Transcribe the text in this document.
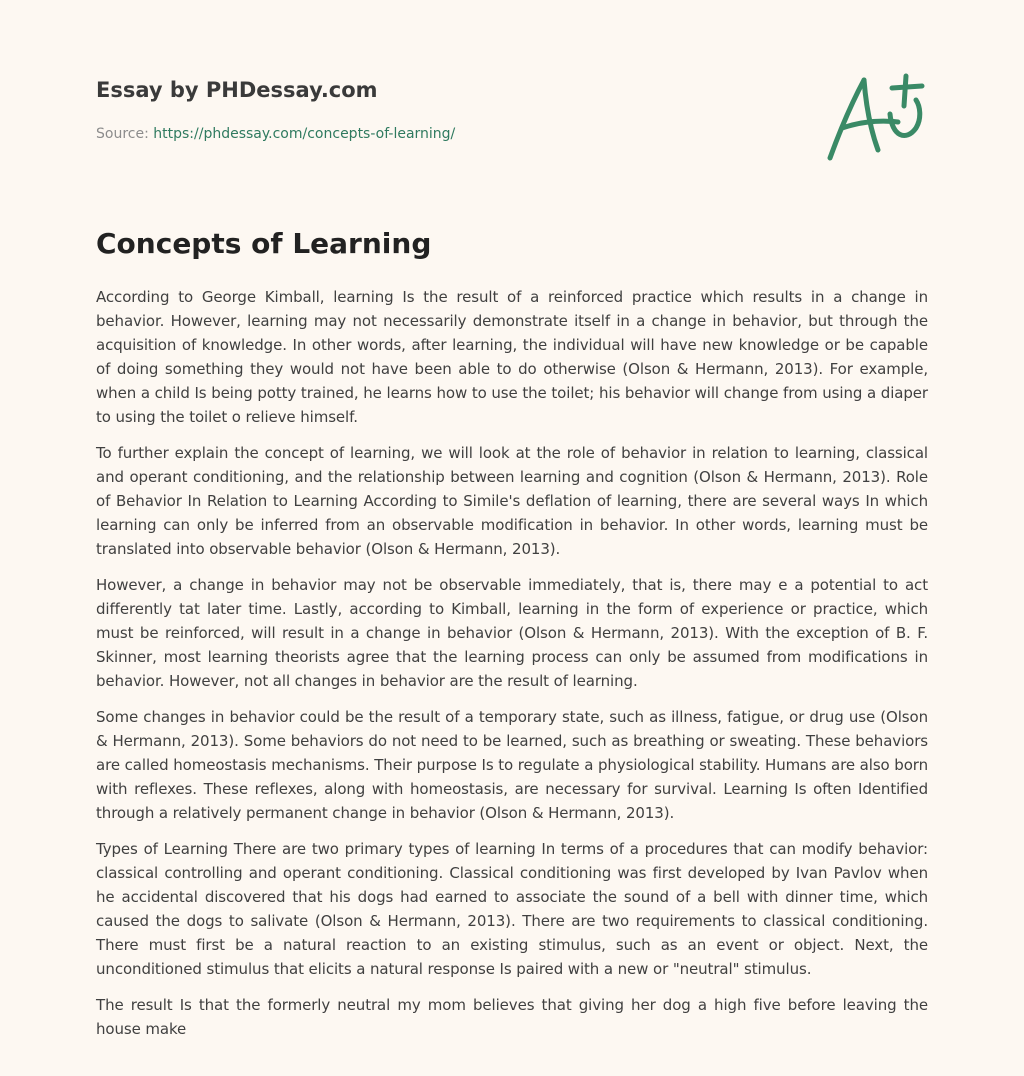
Essay by PHDessay.com
Source: https://phdessay.com/concepts-of-learning/
Concepts of Learning

According to George Kimball, learning Is the result of a reinforced practice which results in a change in behavior. However, learning may not necessarily demonstrate itself in a change in behavior, but through the acquisition of knowledge. In other words, after learning, the individual will have new knowledge or be capable of doing something they would not have been able to do otherwise (Olson & Hermann, 2013). For example, when a child Is being potty trained, he learns how to use the toilet; his behavior will change from using a diaper to using the toilet o relieve himself.

To further explain the concept of learning, we will look at the role of behavior in relation to learning, classical and operant conditioning, and the relationship between learning and cognition (Olson & Hermann, 2013). Role of Behavior In Relation to Learning According to Simile's deflation of learning, there are several ways In which learning can only be inferred from an observable modification in behavior. In other words, learning must be translated into observable behavior (Olson & Hermann, 2013).

However, a change in behavior may not be observable immediately, that is, there may e a potential to act differently tat later time. Lastly, according to Kimball, learning in the form of experience or practice, which must be reinforced, will result in a change in behavior (Olson & Hermann, 2013). With the exception of B. F. Skinner, most learning theorists agree that the learning process can only be assumed from modifications in behavior. However, not all changes in behavior are the result of learning.

Some changes in behavior could be the result of a temporary state, such as illness, fatigue, or drug use (Olson & Hermann, 2013). Some behaviors do not need to be learned, such as breathing or sweating. These behaviors are called homeostasis mechanisms. Their purpose Is to regulate a physiological stability. Humans are also born with reflexes. These reflexes, along with homeostasis, are necessary for survival. Learning Is often Identified through a relatively permanent change in behavior (Olson & Hermann, 2013).

Types of Learning There are two primary types of learning In terms of a procedures that can modify behavior: classical controlling and operant conditioning. Classical conditioning was first developed by Ivan Pavlov when he accidental discovered that his dogs had earned to associate the sound of a bell with dinner time, which caused the dogs to salivate (Olson & Hermann, 2013). There are two requirements to classical conditioning. There must first be a natural reaction to an existing stimulus, such as an event or object. Next, the unconditioned stimulus that elicits a natural response Is paired with a new or "neutral" stimulus.

The result Is that the formerly neutral my mom believes that giving her dog a high five before leaving the house make
